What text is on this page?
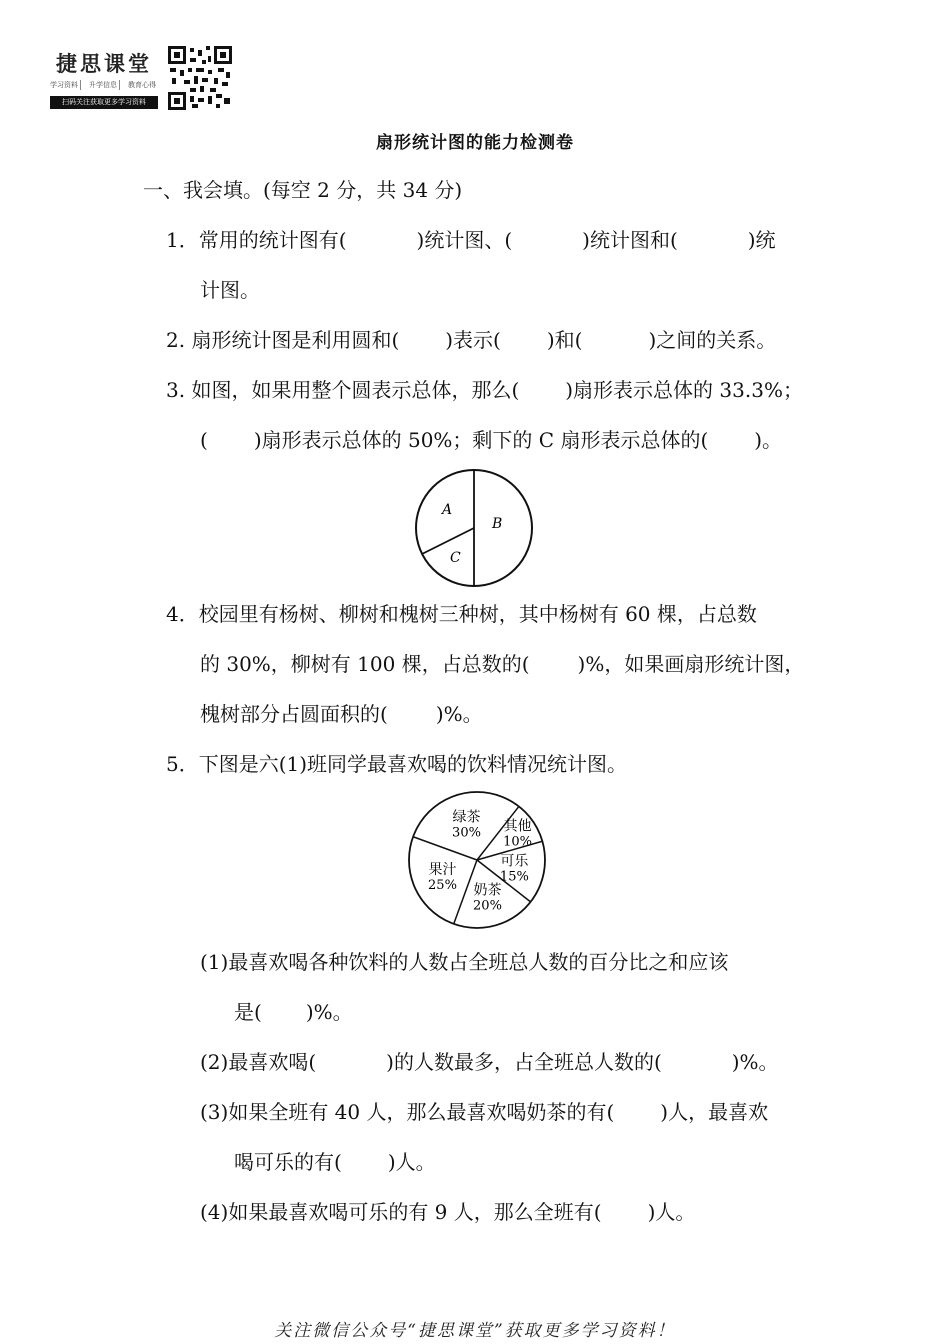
捷思课堂
学习资料	升学信息	教育心得
扫码关注获取更多学习资料
扇形统计图的能力检测卷
一、我会填。(每空 2 分，共 34 分)
1．常用的统计图有(	)统计图、(	)统计图和(	)统
计图。
2. 扇形统计图是利用圆和( )表示( )和(	)之间的关系。
3. 如图，如果用整个圆表示总体，那么( )扇形表示总体的 33.3%；
( )扇形表示总体的 50%；剩下的 C 扇形表示总体的( )。
A
B
C
4．校园里有杨树、柳树和槐树三种树，其中杨树有 60 棵，占总数
的 30%，柳树有 100 棵，占总数的( )%，如果画扇形统计图，
槐树部分占圆面积的( )%。
5．下图是六(1)班同学最喜欢喝的饮料情况统计图。
绿茶
30% 其他
10%
可乐
15%
奶茶
20%
果汁
25%
(1)最喜欢喝各种饮料的人数占全班总人数的百分比之和应该
是( )%。
(2)最喜欢喝(	)的人数最多，占全班总人数的(	)%。
(3)如果全班有 40 人，那么最喜欢喝奶茶的有( )人，最喜欢
喝可乐的有( )人。
(4)如果最喜欢喝可乐的有 9 人，那么全班有( )人。
关注微信公众号“捷思课堂”获取更多学习资料！
